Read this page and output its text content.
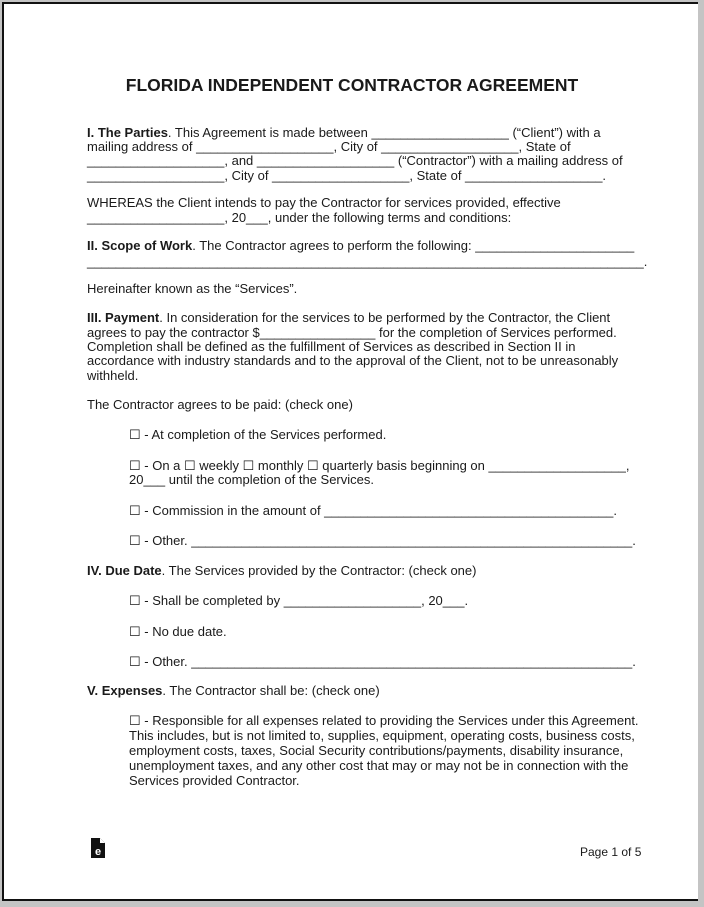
FLORIDA INDEPENDENT CONTRACTOR AGREEMENT
I. The Parties. This Agreement is made between ___________________ (“Client”) with a
mailing address of ___________________, City of ___________________, State of
___________________, and ___________________ (“Contractor”) with a mailing address of
___________________, City of ___________________, State of ___________________.
WHEREAS the Client intends to pay the Contractor for services provided, effective
___________________, 20___, under the following terms and conditions:
II. Scope of Work. The Contractor agrees to perform the following: ______________________
_____________________________________________________________________________.
Hereinafter known as the “Services”.
III. Payment. In consideration for the services to be performed by the Contractor, the Client
agrees to pay the contractor $________________ for the completion of Services performed.
Completion shall be defined as the fulfillment of Services as described in Section II in
accordance with industry standards and to the approval of the Client, not to be unreasonably
withheld.
The Contractor agrees to be paid: (check one)
☐ - At completion of the Services performed.
☐ - On a ☐ weekly ☐ monthly ☐ quarterly basis beginning on ___________________,
20___ until the completion of the Services.
☐ - Commission in the amount of ________________________________________.
☐ - Other. _____________________________________________________________.
IV. Due Date. The Services provided by the Contractor: (check one)
☐ - Shall be completed by ___________________, 20___.
☐ - No due date.
☐ - Other. _____________________________________________________________.
V. Expenses. The Contractor shall be: (check one)
☐ - Responsible for all expenses related to providing the Services under this Agreement.
This includes, but is not limited to, supplies, equipment, operating costs, business costs,
employment costs, taxes, Social Security contributions/payments, disability insurance,
unemployment taxes, and any other cost that may or may not be in connection with the
Services provided Contractor.
e	Page 1 of 5
